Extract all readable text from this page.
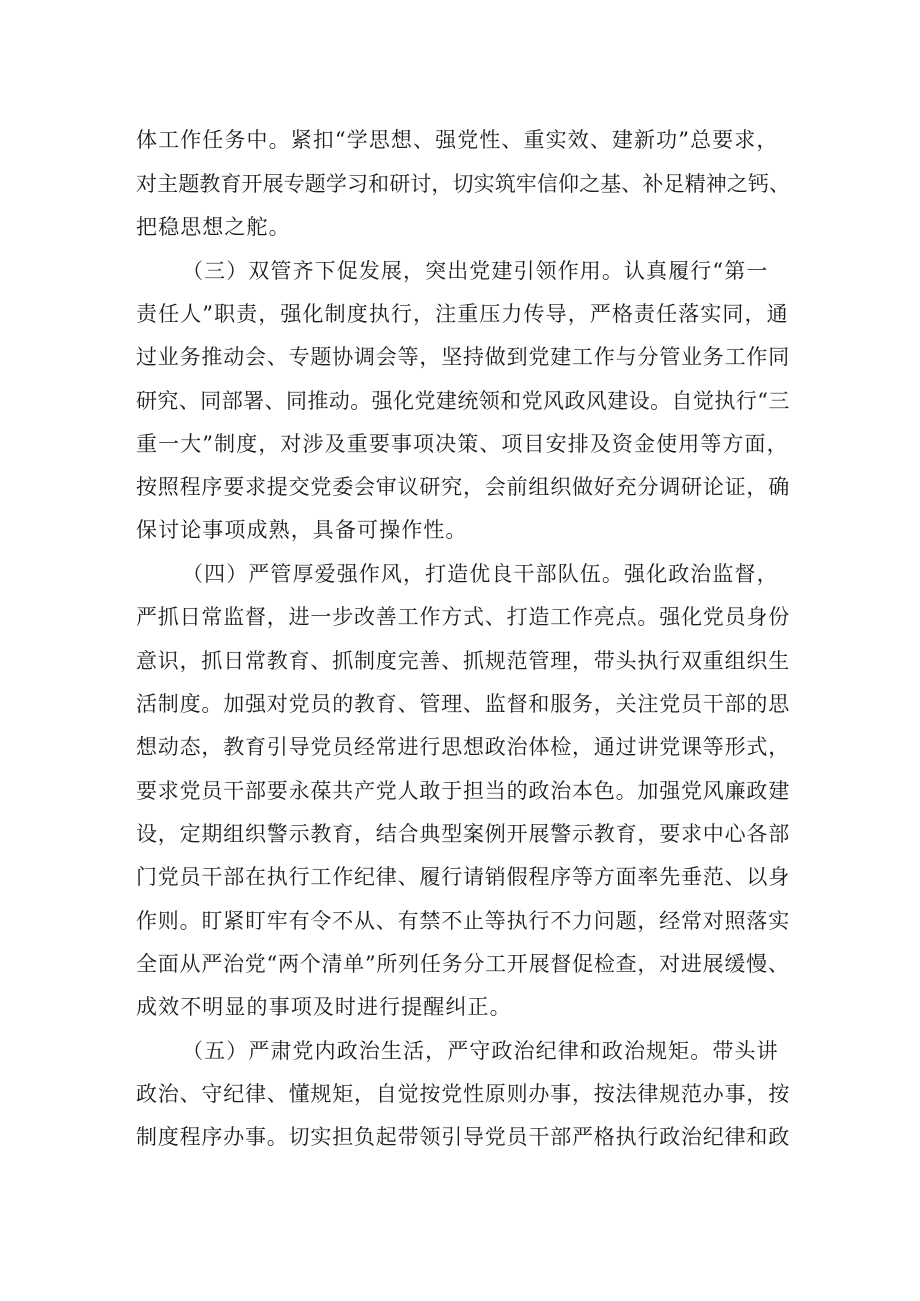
体工作任务中。紧扣“学思想、强党性、重实效、建新功”总要求，

对主题教育开展专题学习和研讨，切实筑牢信仰之基、补足精神之钙、

把稳思想之舵。

（三）双管齐下促发展，突出党建引领作用。认真履行“第一

责任人”职责，强化制度执行，注重压力传导，严格责任落实同，通

过业务推动会、专题协调会等，坚持做到党建工作与分管业务工作同

研究、同部署、同推动。强化党建统领和党风政风建设。自觉执行“三

重一大”制度，对涉及重要事项决策、项目安排及资金使用等方面，

按照程序要求提交党委会审议研究，会前组织做好充分调研论证，确

保讨论事项成熟，具备可操作性。

（四）严管厚爱强作风，打造优良干部队伍。强化政治监督，

严抓日常监督，进一步改善工作方式、打造工作亮点。强化党员身份

意识，抓日常教育、抓制度完善、抓规范管理，带头执行双重组织生

活制度。加强对党员的教育、管理、监督和服务，关注党员干部的思

想动态，教育引导党员经常进行思想政治体检，通过讲党课等形式，

要求党员干部要永葆共产党人敢于担当的政治本色。加强党风廉政建

设，定期组织警示教育，结合典型案例开展警示教育，要求中心各部

门党员干部在执行工作纪律、履行请销假程序等方面率先垂范、以身

作则。盯紧盯牢有令不从、有禁不止等执行不力问题，经常对照落实

全面从严治党“两个清单”所列任务分工开展督促检查，对进展缓慢、

成效不明显的事项及时进行提醒纠正。

（五）严肃党内政治生活，严守政治纪律和政治规矩。带头讲

政治、守纪律、懂规矩，自觉按党性原则办事，按法律规范办事，按

制度程序办事。切实担负起带领引导党员干部严格执行政治纪律和政
